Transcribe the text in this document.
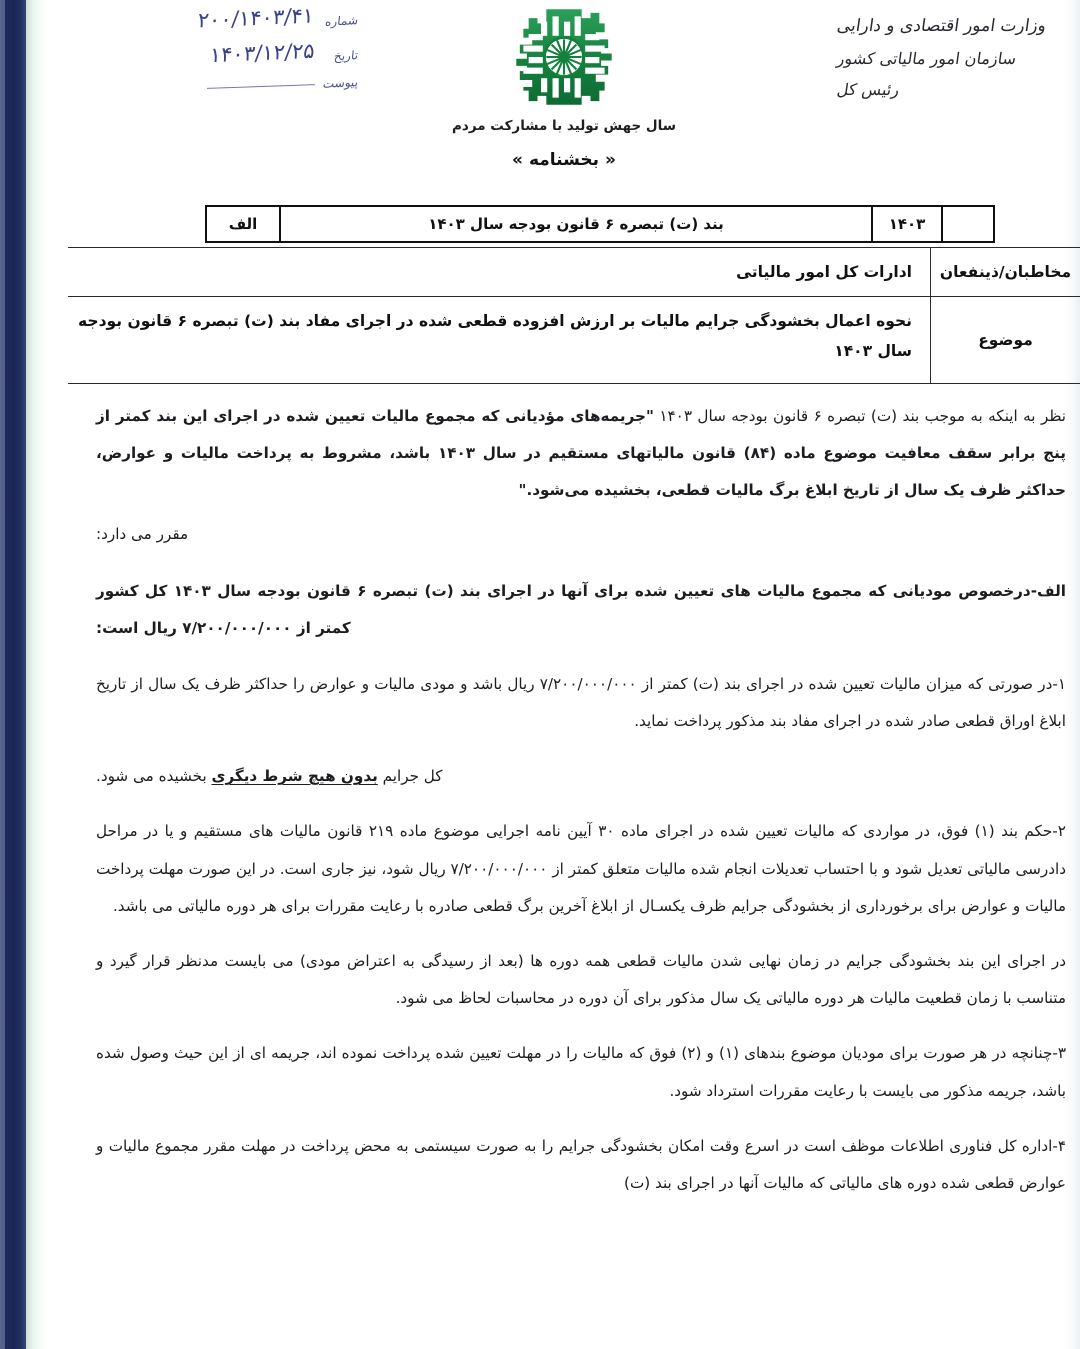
شماره
۲۰۰/۱۴۰۳/۴۱
تاریخ
۱۴۰۳/۱۲/۲۵
پیوست
وزارت امور اقتصادی و دارایی
سازمان امور مالیاتی کشور
رئیس کل
سال جهش تولید با مشارکت مردم
« بخشنامه »
۱۴۰۳
بند (ت) تبصره ۶ قانون بودجه سال ۱۴۰۳
الف
مخاطبان/ذینفعان
ادارات کل امور مالیاتی
موضوع
نحوه اعمال بخشودگی جرایم مالیات بر ارزش افزوده قطعی شده در اجرای مفاد بند (ت) تبصره ۶ قانون بودجه سال ۱۴۰۳

نظر به اینکه به موجب بند (ت) تبصره ۶ قانون بودجه سال ۱۴۰۳ "جریمه‌های مؤدیانی که مجموع مالیات تعیین شده در اجرای این بند کمتر از پنج برابر سقف معافیت موضوع ماده (۸۴) قانون مالیاتهای مستقیم در سال ۱۴۰۳ باشد، مشروط به پرداخت مالیات و عوارض، حداکثر ظرف یک سال از تاریخ ابلاغ برگ مالیات قطعی، بخشیده می‌شود."

مقرر می دارد:

الف-درخصوص مودیانی که مجموع مالیات های تعیین شده برای آنها در اجرای بند (ت) تبصره ۶ قانون بودجه سال ۱۴۰۳ کل کشور کمتر از ۷/۲۰۰/۰۰۰/۰۰۰ ریال است:

۱-در صورتی که میزان مالیات تعیین شده در اجرای بند (ت) کمتر از ۷/۲۰۰/۰۰۰/۰۰۰ ریال باشد و مودی مالیات و عوارض را حداکثر ظرف یک سال از تاریخ ابلاغ اوراق قطعی صادر شده در اجرای مفاد بند مذکور پرداخت نماید.

کل جرایم بدون هیچ شرط دیگری بخشیده می شود.

۲-حکم بند (۱) فوق، در مواردی که مالیات تعیین شده در اجرای ماده ۳۰ آیین نامه اجرایی موضوع ماده ۲۱۹ قانون مالیات های مستقیم و یا در مراحل دادرسی مالیاتی تعدیل شود و با احتساب تعدیلات انجام شده مالیات متعلق کمتر از ۷/۲۰۰/۰۰۰/۰۰۰ ریال شود، نیز جاری است. در این صورت مهلت پرداخت مالیات و عوارض برای برخورداری از بخشودگی جرایم ظرف یکسـال از ابلاغ آخرین برگ قطعی صادره با رعایت مقررات برای هر دوره مالیاتی می باشد.

در اجرای این بند بخشودگی جرایم در زمان نهایی شدن مالیات قطعی همه دوره ها (بعد از رسیدگی به اعتراض مودی) می بایست مدنظر قرار گیرد و متناسب با زمان قطعیت مالیات هر دوره مالیاتی یک سال مذکور برای آن دوره در محاسبات لحاظ می شود.

۳-چنانچه در هر صورت برای مودیان موضوع بندهای (۱) و (۲) فوق که مالیات را در مهلت تعیین شده پرداخت نموده اند، جریمه ای از این حیث وصول شده باشد، جریمه مذکور می بایست با رعایت مقررات استرداد شود.

۴-اداره کل فناوری اطلاعات موظف است در اسرع وقت امکان بخشودگی جرایم را به صورت سیستمی به محض پرداخت در مهلت مقرر مجموع مالیات و عوارض قطعی شده دوره های مالیاتی که مالیات آنها در اجرای بند (ت)
